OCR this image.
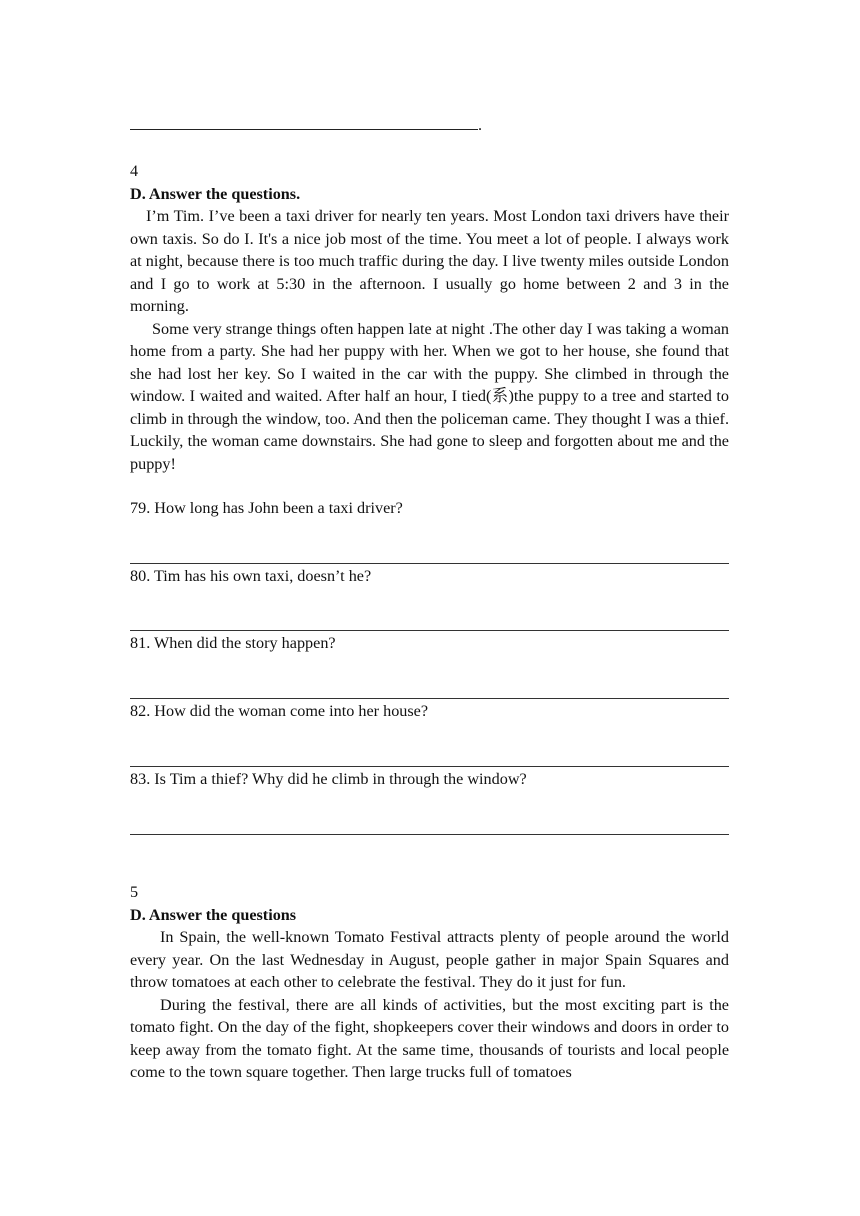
.

4

D. Answer the questions.

I’m Tim. I’ve been a taxi driver for nearly ten years. Most London taxi drivers have their own taxis. So do I. It's a nice job most of the time. You meet a lot of people. I always work at night, because there is too much traffic during the day. I live twenty miles outside London and I go to work at 5:30 in the afternoon. I usually go home between 2 and 3 in the morning.

Some very strange things often happen late at night .The other day I was taking a woman home from a party. She had her puppy with her. When we got to her house, she found that she had lost her key. So I waited in the car with the puppy. She climbed in through the window. I waited and waited. After half an hour, I tied(系)the puppy to a tree and started to climb in through the window, too. And then the policeman came. They thought I was a thief. Luckily, the woman came downstairs. She had gone to sleep and forgotten about me and the puppy!

79. How long has John been a taxi driver?

80. Tim has his own taxi, doesn’t he?

81. When did the story happen?

82. How did the woman come into her house?

83. Is Tim a thief? Why did he climb in through the window?

5

D. Answer the questions

In Spain, the well-known Tomato Festival attracts plenty of people around the world every year. On the last Wednesday in August, people gather in major Spain Squares and throw tomatoes at each other to celebrate the festival. They do it just for fun.

During the festival, there are all kinds of activities, but the most exciting part is the tomato fight. On the day of the fight, shopkeepers cover their windows and doors in order to keep away from the tomato fight. At the same time, thousands of tourists and local people come to the town square together. Then large trucks full of tomatoes
